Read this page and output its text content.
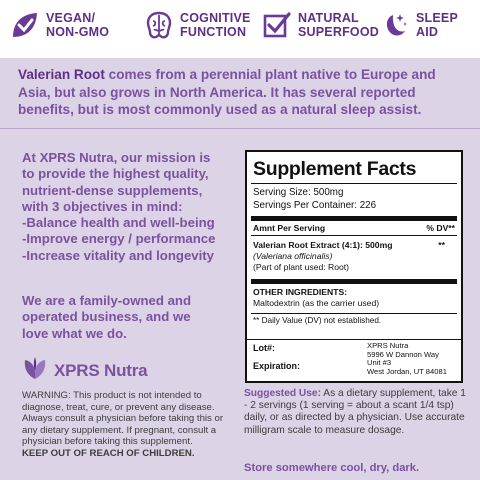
VEGAN/
NON-GMO
COGNITIVE
FUNCTION
NATURAL
SUPERFOOD
SLEEP
AID
Valerian Root comes from a perennial plant native to Europe and Asia, but also grows in North America. It has several reported benefits, but is most commonly used as a natural sleep assist.
At XPRS Nutra, our mission is
to provide the highest quality,
nutrient-dense supplements,
with 3 objectives in mind:
-Balance health and well-being
-Improve energy / performance
-Increase vitality and longevity
We are a family-owned and
operated business, and we
love what we do.
XPRS Nutra
WARNING: This product is not intended to diagnose, treat, cure, or prevent any disease. Always consult a physician before taking this or any dietary supplement. If pregnant, consult a physician before taking this supplement.
KEEP OUT OF REACH OF CHILDREN.
Supplement Facts
Serving Size: 500mg
Servings Per Container: 226
Amnt Per Serving	% DV**
Valerian Root Extract (4:1): 500mg	**
(Valeriana officinalis)
(Part of plant used: Root)
OTHER INGREDIENTS:
Maltodextrin (as the carrier used)
** Daily Value (DV) not established.
Lot#:
Expiration:
XPRS Nutra
5996 W Dannon Way
Unit #3
West Jordan, UT 84081
Suggested Use: As a dietary supplement, take 1 - 2 servings (1 serving = about a scant 1/4 tsp) daily, or as directed by a physician. Use accurate milligram scale to measure dosage.
Store somewhere cool, dry, dark.
